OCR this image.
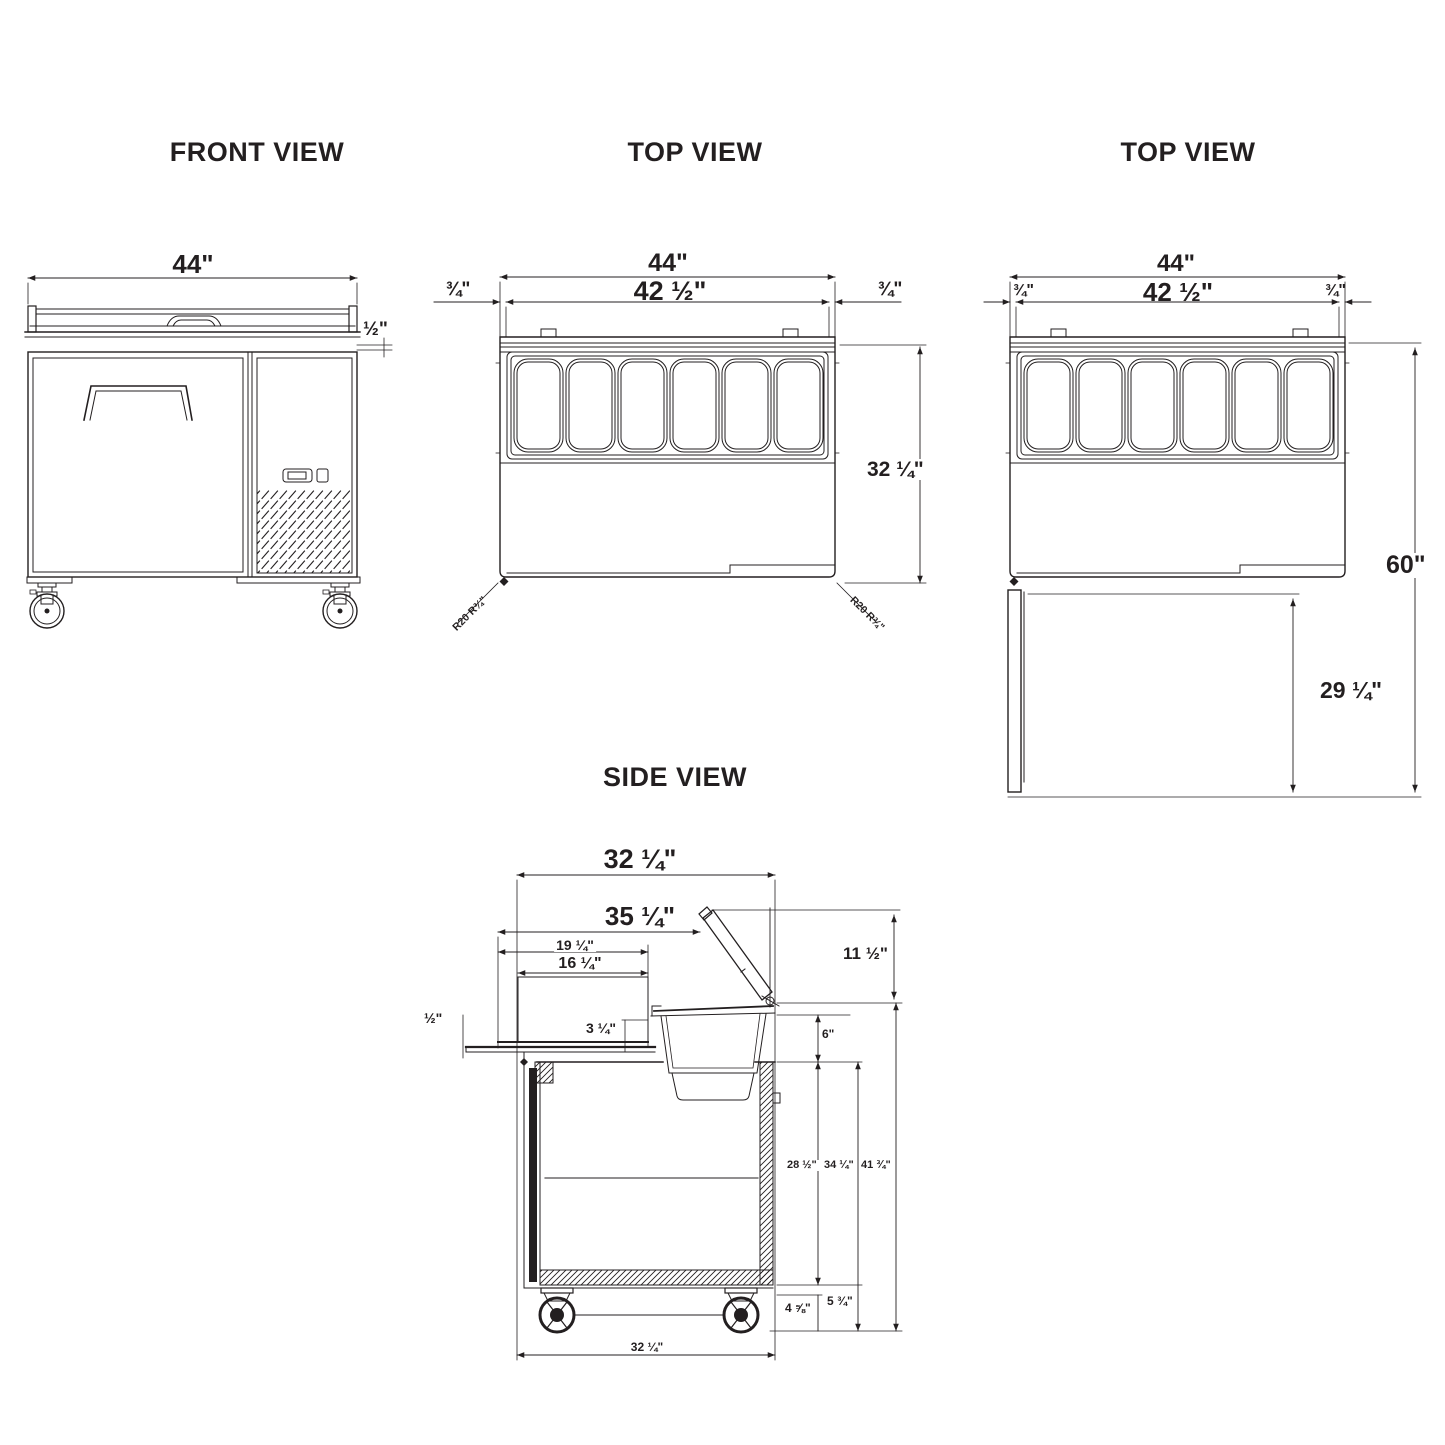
FRONT VIEW
44"
½"
TOP VIEW
44"
42 ½"
¾"	¾"
32 ¼"
R20 R¾"	R20 R¾"
TOP VIEW
44"
42 ½"
¾"	¾"
60"
29 ¼"
SIDE VIEW
32 ¼"
35 ¼"
19 ¼"
16 ¼"
½"
3 ¼"
11 ½"
6"
28 ½" 34 ¼" 41 ¾"
4 ⅝" 5 ¾"
32 ¼"
